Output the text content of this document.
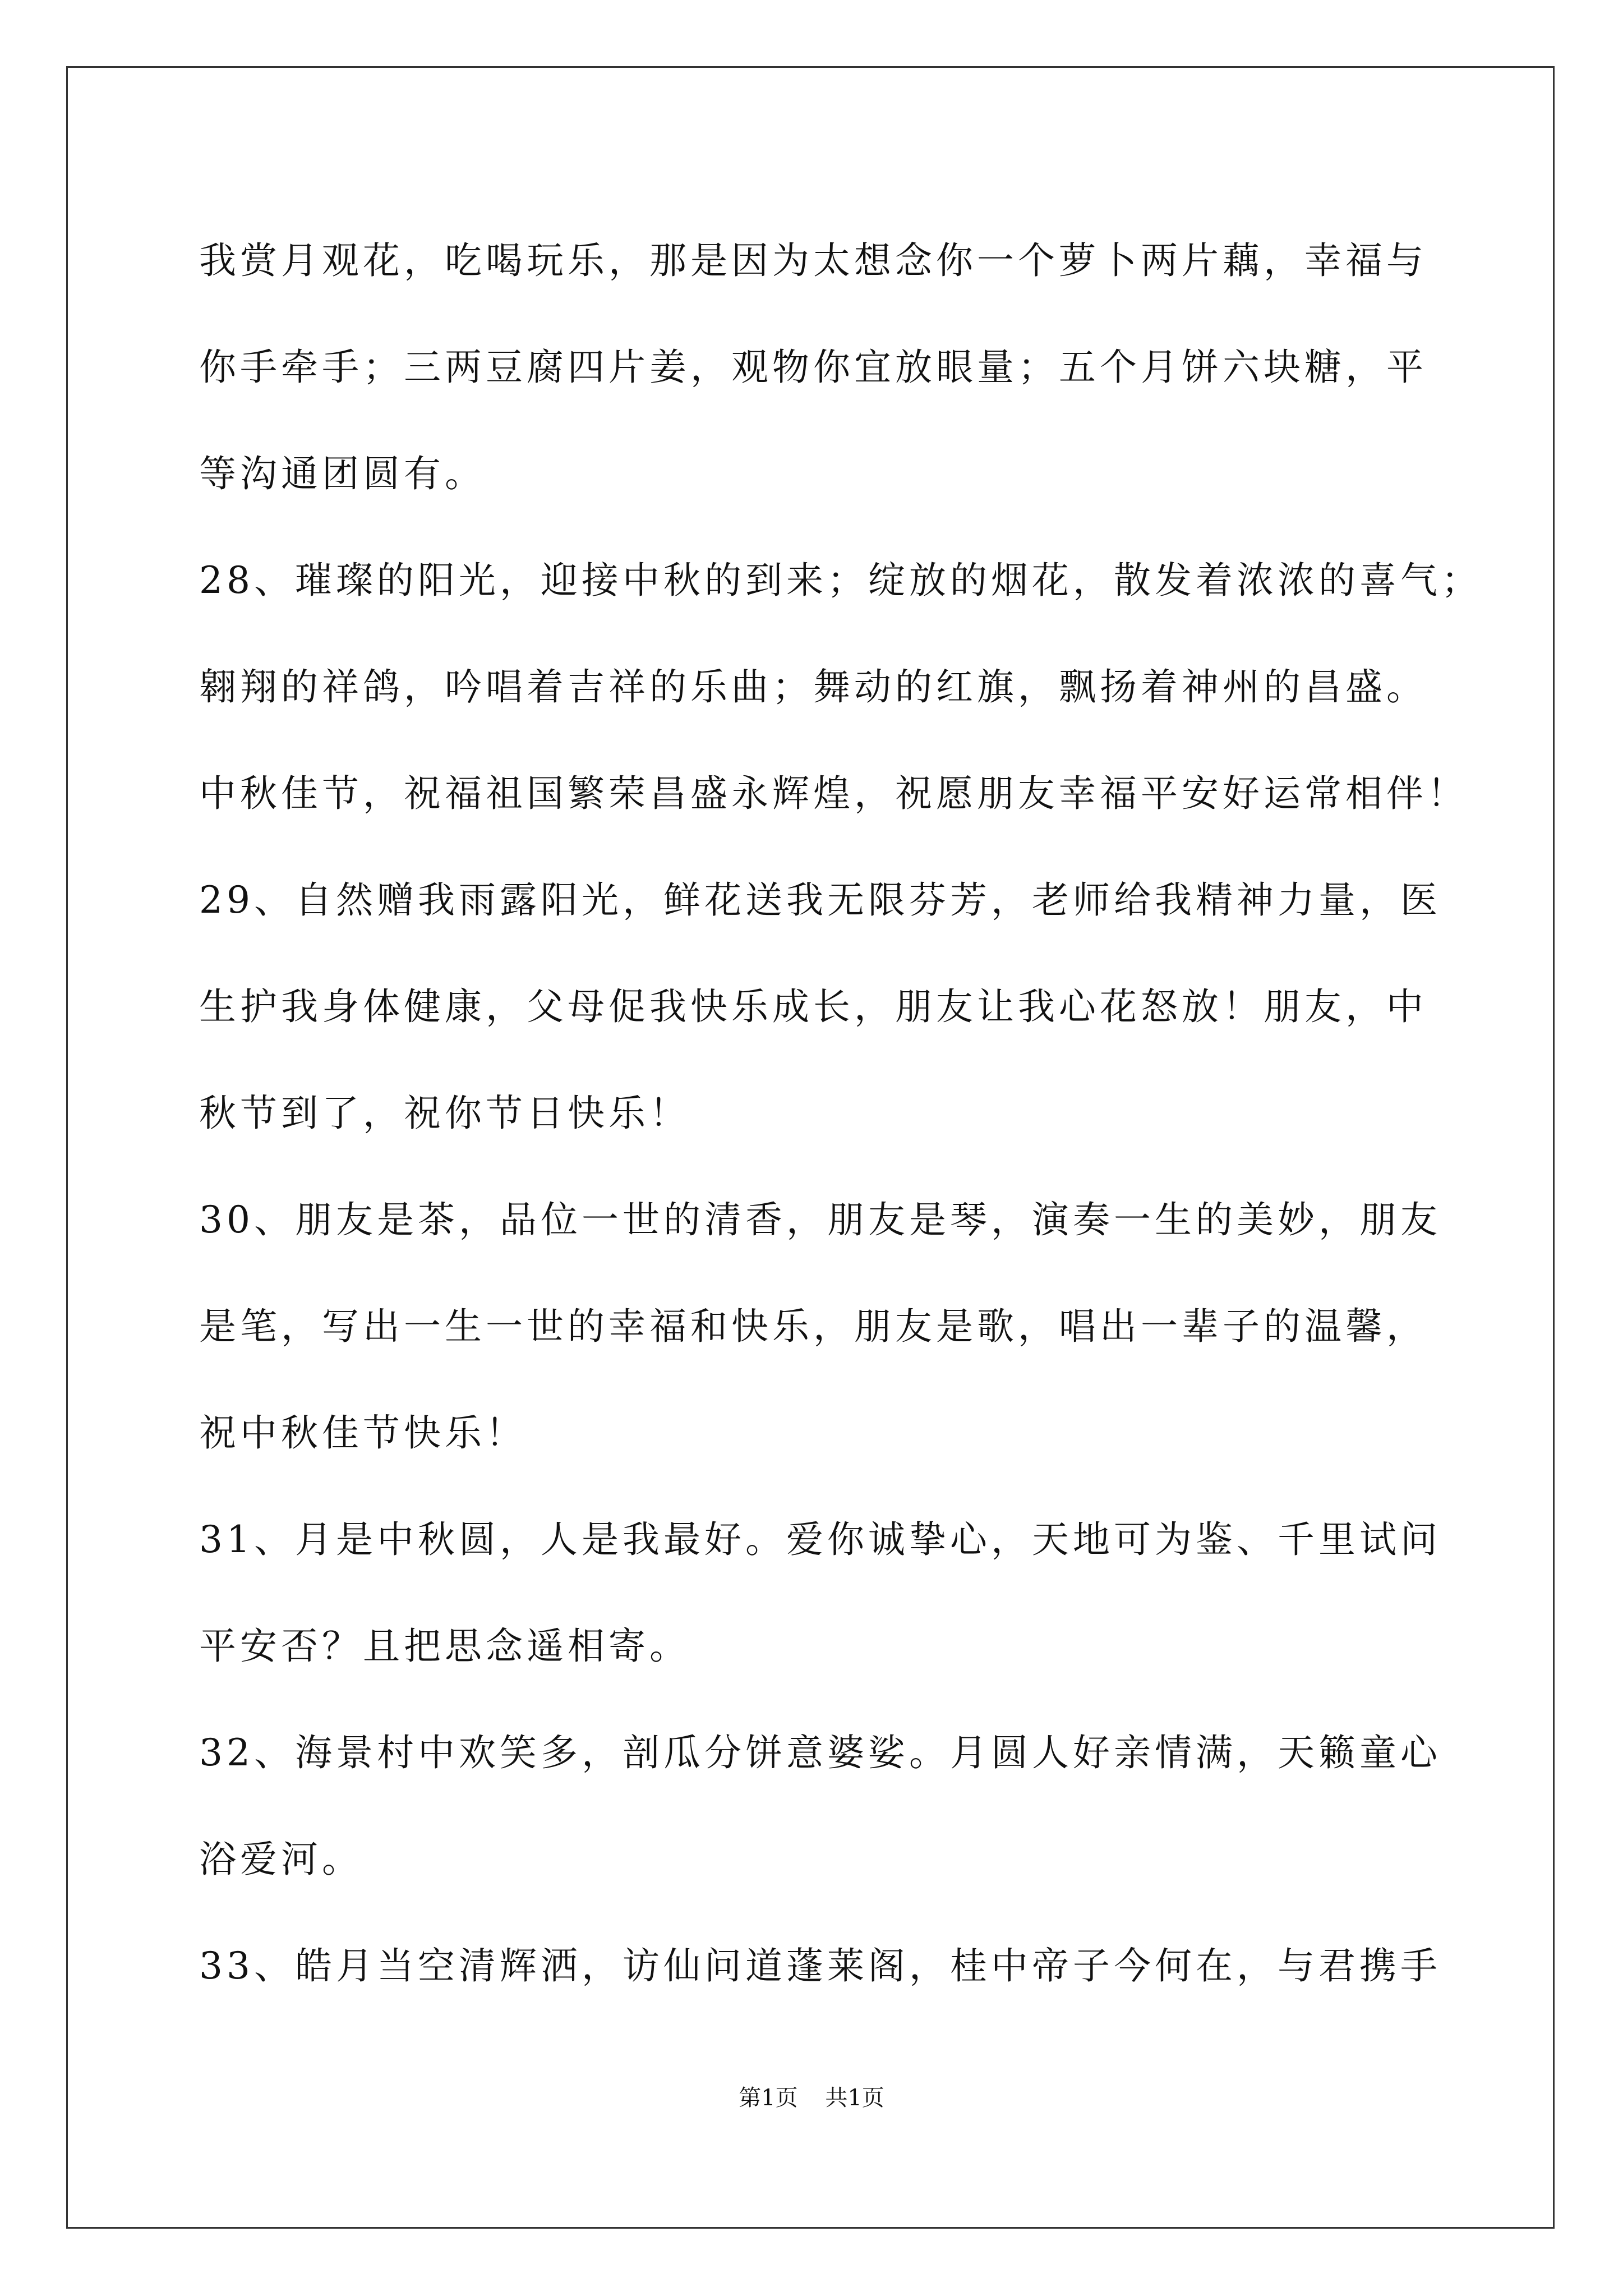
我赏月观花，吃喝玩乐，那是因为太想念你一个萝卜两片藕，幸福与
你手牵手；三两豆腐四片姜，观物你宜放眼量；五个月饼六块糖，平
等沟通团圆有。
28、璀璨的阳光，迎接中秋的到来；绽放的烟花，散发着浓浓的喜气；
翱翔的祥鸽，吟唱着吉祥的乐曲；舞动的红旗，飘扬着神州的昌盛。
中秋佳节，祝福祖国繁荣昌盛永辉煌，祝愿朋友幸福平安好运常相伴！
29、自然赠我雨露阳光，鲜花送我无限芬芳，老师给我精神力量，医
生护我身体健康，父母促我快乐成长，朋友让我心花怒放！朋友，中
秋节到了，祝你节日快乐！
30、朋友是茶，品位一世的清香，朋友是琴，演奏一生的美妙，朋友
是笔，写出一生一世的幸福和快乐，朋友是歌，唱出一辈子的温馨，
祝中秋佳节快乐！
31、月是中秋圆，人是我最好。爱你诚挚心，天地可为鉴、千里试问
平安否？且把思念遥相寄。
32、海景村中欢笑多，剖瓜分饼意婆娑。月圆人好亲情满，天籁童心
浴爱河。
33、皓月当空清辉洒，访仙问道蓬莱阁，桂中帝子今何在，与君携手
第1页 共1页
